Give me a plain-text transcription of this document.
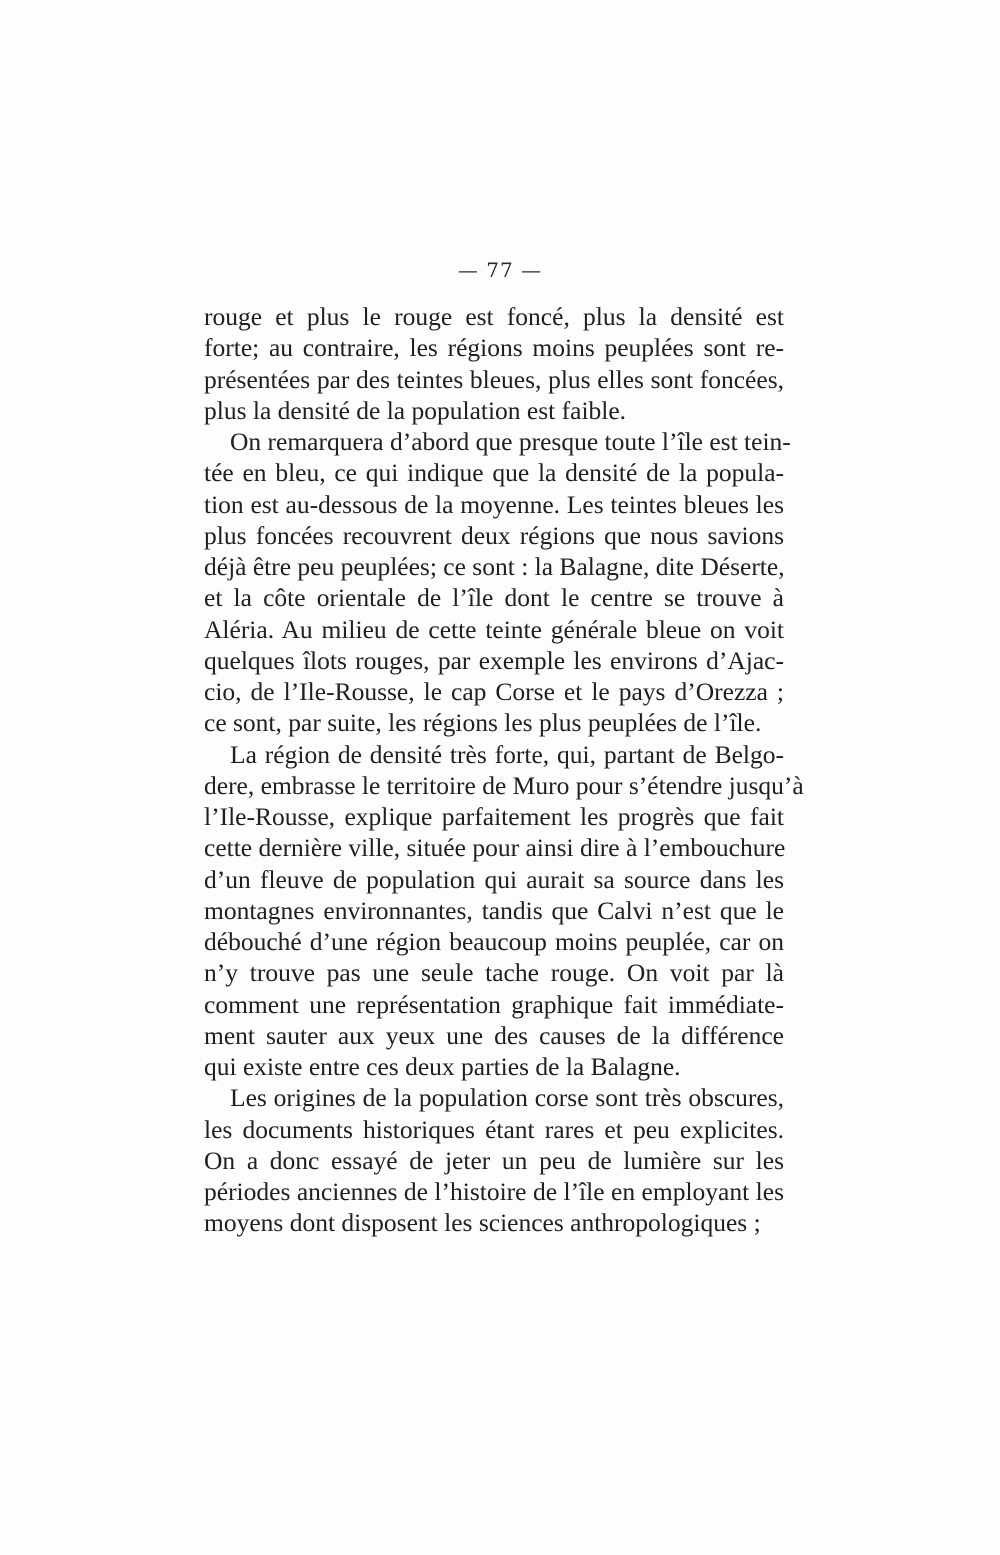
— 77 —
rouge et plus le rouge est foncé, plus la densité est
forte; au contraire, les régions moins peuplées sont re-
présentées par des teintes bleues, plus elles sont foncées,
plus la densité de la population est faible.
On remarquera d’abord que presque toute l’île est tein-
tée en bleu, ce qui indique que la densité de la popula-
tion est au-dessous de la moyenne. Les teintes bleues les
plus foncées recouvrent deux régions que nous savions
déjà être peu peuplées; ce sont : la Balagne, dite Déserte,
et la côte orientale de l’île dont le centre se trouve à
Aléria. Au milieu de cette teinte générale bleue on voit
quelques îlots rouges, par exemple les environs d’Ajac-
cio, de l’Ile-Rousse, le cap Corse et le pays d’Orezza ;
ce sont, par suite, les régions les plus peuplées de l’île.
La région de densité très forte, qui, partant de Belgo-
dere, embrasse le territoire de Muro pour s’étendre jusqu’à
l’Ile-Rousse, explique parfaitement les progrès que fait
cette dernière ville, située pour ainsi dire à l’embouchure
d’un fleuve de population qui aurait sa source dans les
montagnes environnantes, tandis que Calvi n’est que le
débouché d’une région beaucoup moins peuplée, car on
n’y trouve pas une seule tache rouge. On voit par là
comment une représentation graphique fait immédiate-
ment sauter aux yeux une des causes de la différence
qui existe entre ces deux parties de la Balagne.
Les origines de la population corse sont très obscures,
les documents historiques étant rares et peu explicites.
On a donc essayé de jeter un peu de lumière sur les
périodes anciennes de l’histoire de l’île en employant les
moyens dont disposent les sciences anthropologiques ;
